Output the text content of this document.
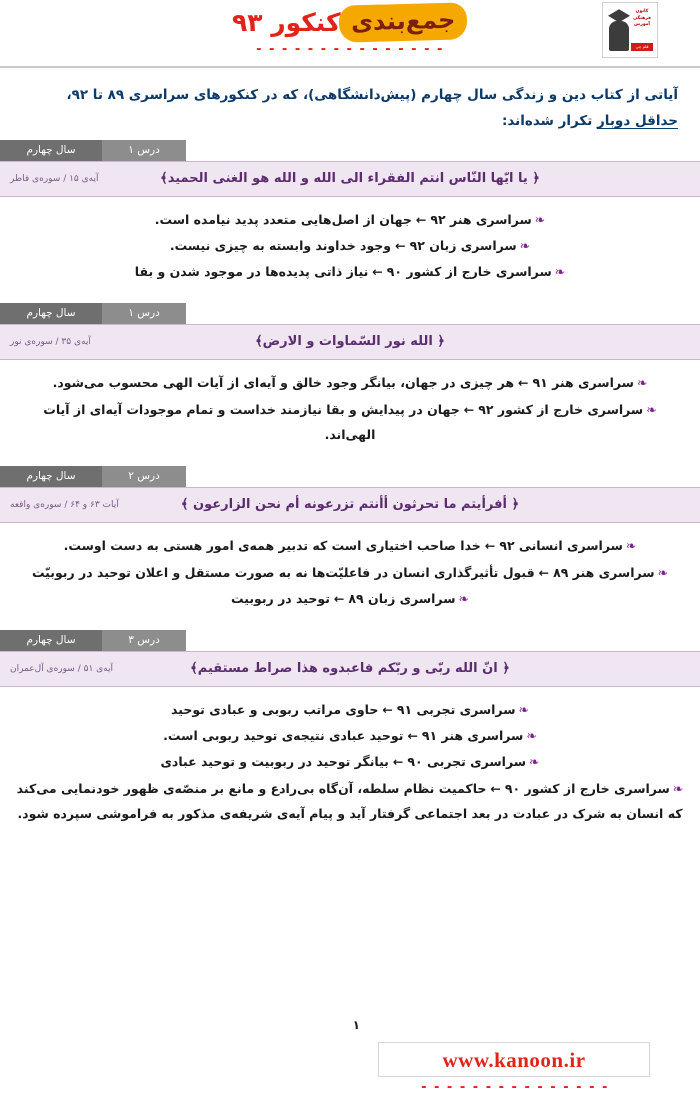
کانون فرهنگی آموزش
قلم چی
جمع‌بندیکنکور ۹۳
- - - - - - - - - - - - - - -
آیاتی از کتاب دین و زندگی سال چهارم (پیش‌دانشگاهی)، که در کنکورهای سراسری ۸۹ تا ۹۲،
حداقل دوبار تکرار شده‌اند:
درس ۱
سال چهارم
﴿ یا ایّها النّاس انتم الفقراء الی الله و الله هو الغنی الحمید﴾
آیه‌ی ۱۵ / سوره‌ی فاطر
❧سراسری هنر ۹۲←جهان از اصل‌هایی متعدد پدید نیامده است.
❧سراسری زبان ۹۲←وجود خداوند وابسته به چیزی نیست.
❧سراسری خارج از کشور ۹۰←نیاز ذاتی پدیده‌ها در موجود شدن و بقا
درس ۱
سال چهارم
﴿ الله نور السّماوات و الارض﴾
آیه‌ی ۳۵ / سوره‌ی نور
❧سراسری هنر ۹۱←هر چیزی در جهان، بیانگر وجود خالق و آیه‌ای از آیات الهی محسوب می‌شود.
❧سراسری خارج از کشور ۹۲←جهان در پیدایش و بقا نیازمند خداست و تمام موجودات آیه‌ای از آیات الهی‌اند.
درس ۲
سال چهارم
﴿ أفرأیتم ما تحرثون أأنتم تزرعونه أم نحن الزارعون ﴾
آیات ۶۳ و ۶۴ / سوره‌ی واقعه
❧سراسری انسانی ۹۲←خدا صاحب اختیاری است که تدبیر همه‌ی امور هستی به دست اوست.
❧سراسری هنر ۸۹←قبول تأثیرگذاری انسان در فاعلیّت‌ها نه به صورت مستقل و اعلان توحید در ربوبیّت
❧سراسری زبان ۸۹←توحید در ربوبیت
درس ۳
سال چهارم
﴿ انّ الله ربّی و ربّکم فاعبدوه هذا صراط مستقیم﴾
آیه‌ی ۵۱ / سوره‌ی آل‌عمران
❧سراسری تجربی ۹۱←حاوی مراتب ربوبی و عبادی توحید
❧سراسری هنر ۹۱←توحید عبادی نتیجه‌ی توحید ربوبی است.
❧سراسری تجربی ۹۰←بیانگر توحید در ربوبیت و توحید عبادی
❧سراسری خارج از کشور ۹۰←حاکمیت نظام سلطه، آن‌گاه بی‌رادع و مانع بر منصّه‌ی ظهور خودنمایی می‌کند که انسان به شرک در عبادت در بعد اجتماعی گرفتار آید و پیام آیه‌ی شریفه‌ی مذکور به فراموشی سپرده شود.
۱
www.kanoon.ir
- - - - - - - - - - - - - - -
